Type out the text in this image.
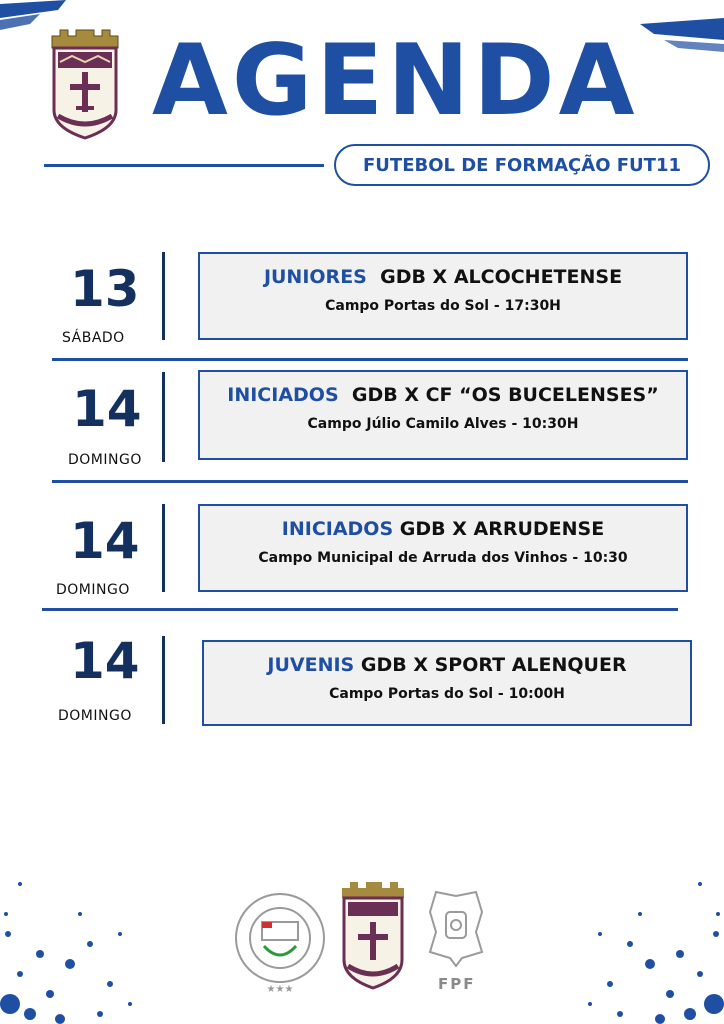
AGENDA
FUTEBOL DE FORMAÇÃO FUT11
13
SÁBADO
JUNIORES GDB X ALCOCHETENSE
Campo Portas do Sol - 17:30H
14
DOMINGO
INICIADOS GDB X CF “OS BUCELENSES”
Campo Júlio Camilo Alves - 10:30H
14
DOMINGO
INICIADOS GDB X ARRUDENSE
Campo Municipal de Arruda dos Vinhos - 10:30
14
DOMINGO
JUVENIS GDB X SPORT ALENQUER
Campo Portas do Sol - 10:00H
★★★	FPF
